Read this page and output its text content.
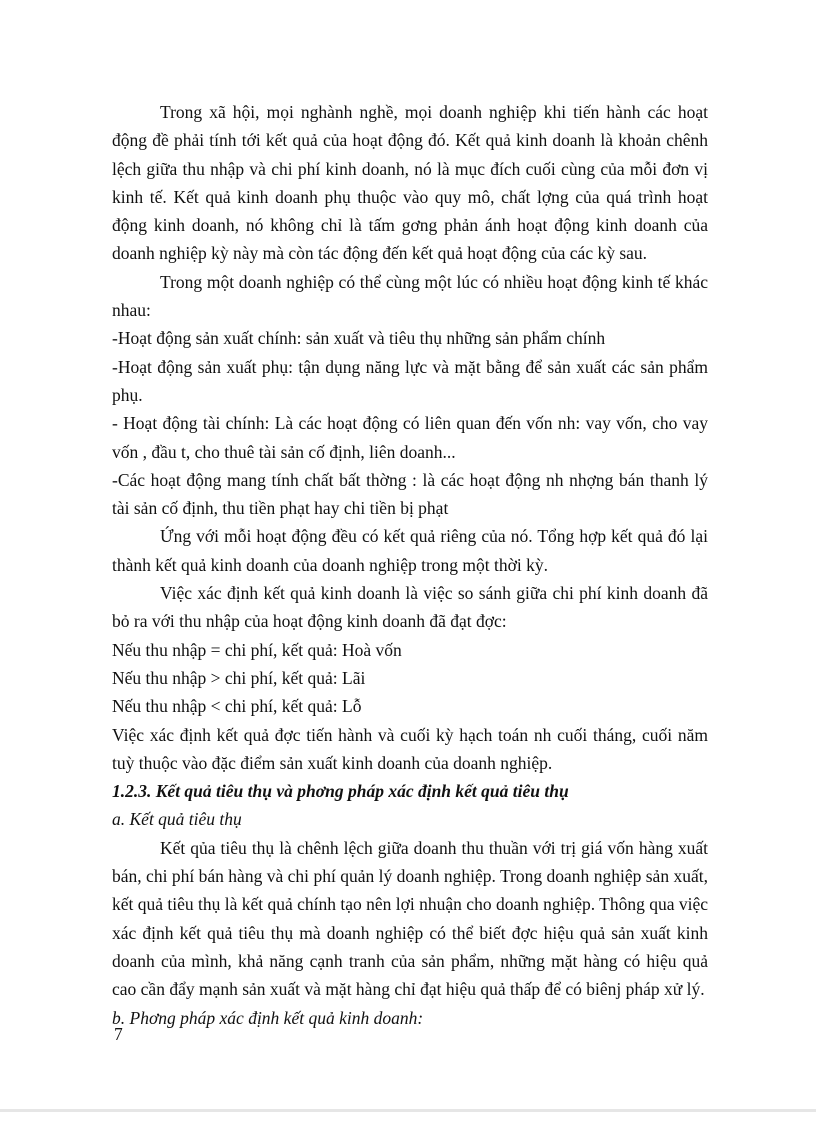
Trong xã hội, mọi nghành nghề, mọi doanh nghiệp khi tiến hành các hoạt động đề phải tính tới kết quả của hoạt động đó. Kết quả kinh doanh là khoản chênh lệch giữa thu nhập và chi phí kinh doanh, nó là mục đích cuối cùng của mỗi đơn vị kinh tế. Kết quả kinh doanh phụ thuộc vào quy mô, chất lợng của quá trình hoạt động kinh doanh, nó không chỉ là tấm gơng phản ánh hoạt động kinh doanh của doanh nghiệp kỳ này mà còn tác động đến kết quả hoạt động của các kỳ sau.

Trong một doanh nghiệp có thể cùng một lúc có nhiều hoạt động kinh tế khác nhau:

-Hoạt động sản xuất chính: sản xuất và tiêu thụ những sản phẩm chính

-Hoạt động sản xuất phụ: tận dụng năng lực và mặt bằng để sản xuất các sản phẩm phụ.

- Hoạt động tài chính: Là các hoạt động có liên quan đến vốn nh: vay vốn, cho vay vốn , đầu t, cho thuê tài sản cố định, liên doanh...

-Các hoạt động mang tính chất bất thờng : là các hoạt động nh nhợng bán thanh lý tài sản cố định, thu tiền phạt hay chi tiền bị phạt

Ứng với mỗi hoạt động đều có kết quả riêng của nó. Tổng hợp kết quả đó lại thành kết quả kinh doanh của doanh nghiệp trong một thời kỳ.

Việc xác định kết quả kinh doanh là việc so sánh giữa chi phí kinh doanh đã bỏ ra với thu nhập của hoạt động kinh doanh đã đạt đợc:

Nếu thu nhập = chi phí, kết quả: Hoà vốn

Nếu thu nhập > chi phí, kết quả: Lãi

Nếu thu nhập < chi phí, kết quả: Lỗ

Việc xác định kết quả đợc tiến hành và cuối kỳ hạch toán nh cuối tháng, cuối năm tuỳ thuộc vào đặc điểm sản xuất kinh doanh của doanh nghiệp.

1.2.3. Kết quả tiêu thụ và phơng pháp xác định kết quả tiêu thụ

a. Kết quả tiêu thụ

Kết qủa tiêu thụ là chênh lệch giữa doanh thu thuần với trị giá vốn hàng xuất bán, chi phí bán hàng và chi phí quản lý doanh nghiệp. Trong doanh nghiệp sản xuất, kết quả tiêu thụ là kết quả chính tạo nên lợi nhuận cho doanh nghiệp. Thông qua việc xác định kết quả tiêu thụ mà doanh nghiệp có thể biết đợc hiệu quả sản xuất kinh doanh của mình, khả năng cạnh tranh của sản phẩm, những mặt hàng có hiệu quả cao cần đẩy mạnh sản xuất và mặt hàng chỉ đạt hiệu quả thấp để có biênj pháp xử lý.

b. Phơng pháp xác định kết quả kinh doanh:

7
